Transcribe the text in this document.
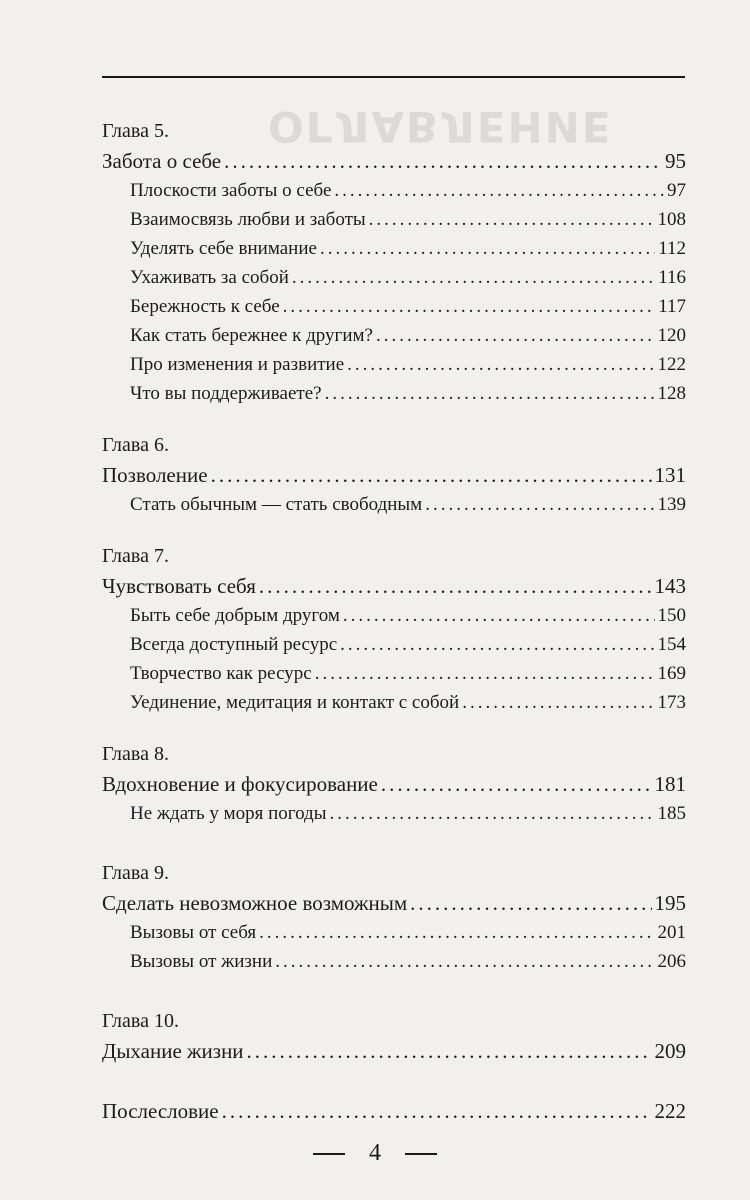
ОГЛАВЛЕНИЕ
Глава 5.
Забота о себе .....	95
Плоскости заботы о себе .....	97
Взаимосвязь любви и заботы .....	108
Уделять себе внимание .....	112
Ухаживать за собой .....	116
Бережность к себе .....	117
Как стать бережнее к другим? .....	120
Про изменения и развитие .....	122
Что вы поддерживаете? .....	128
Глава 6.
Позволение .....	131
Стать обычным — стать свободным .....	139
Глава 7.
Чувствовать себя .....	143
Быть себе добрым другом .....	150
Всегда доступный ресурс .....	154
Творчество как ресурс .....	169
Уединение, медитация и контакт с собой .....	173
Глава 8.
Вдохновение и фокусирование .....	181
Не ждать у моря погоды .....	185
Глава 9.
Сделать невозможное возможным .....	195
Вызовы от себя .....	201
Вызовы от жизни .....	206
Глава 10.
Дыхание жизни .....	209
Послесловие .....	222
4
